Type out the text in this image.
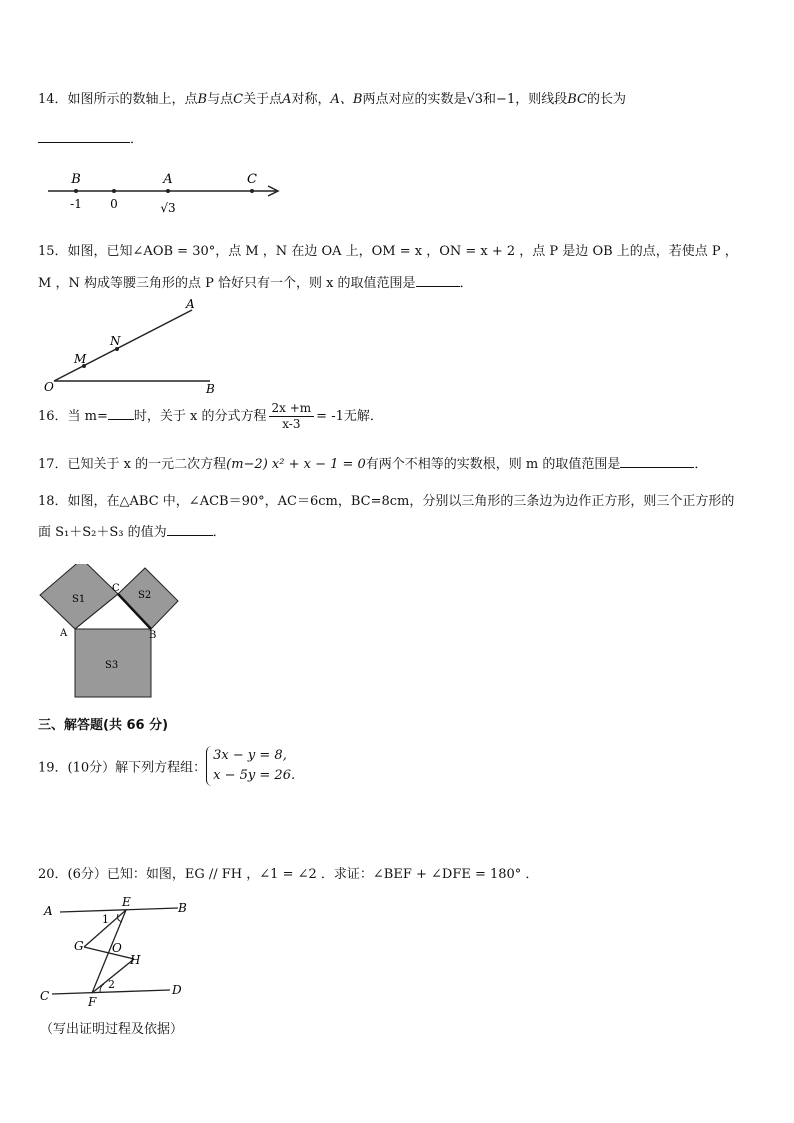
14．如图所示的数轴上，点B与点C关于点A对称，A、B两点对应的实数是√3和−1，则线段BC的长为
．
B	A	C
-1 0	√3
15．如图，已知∠AOB = 30°，点 M ，N 在边 OA 上，OM = x ，ON = x + 2 ，点 P 是边 OB 上的点，若使点 P ，
M ，N 构成等腰三角形的点 P 恰好只有一个，则 x 的取值范围是	．
A
N
M
O	B
16．当 m= 时，关于 x 的分式方程 $\frac{2x +m}{x-3} = -1$无解．
17．已知关于 x 的一元二次方程(m−2) x² + x − 1 = 0有两个不相等的实数根，则 m 的取值范围是	．
18．如图，在△ABC 中，∠ACB＝90°，AC＝6cm，BC=8cm，分别以三角形的三条边为边作正方形，则三个正方形的
面 S₁＋S₂＋S₃ 的值为	．
S1	S2
S3
A	B
C
三、解答题(共 66 分)
19．(10分）解下列方程组：3x − y = 8,
x − 5y = 26.
20．(6分）已知：如图，EG // FH ，∠1 = ∠2 ．求证：∠BEF + ∠DFE = 180° ．
A
E	B
1
G O
H
C	F
2	D
（写出证明过程及依据）
